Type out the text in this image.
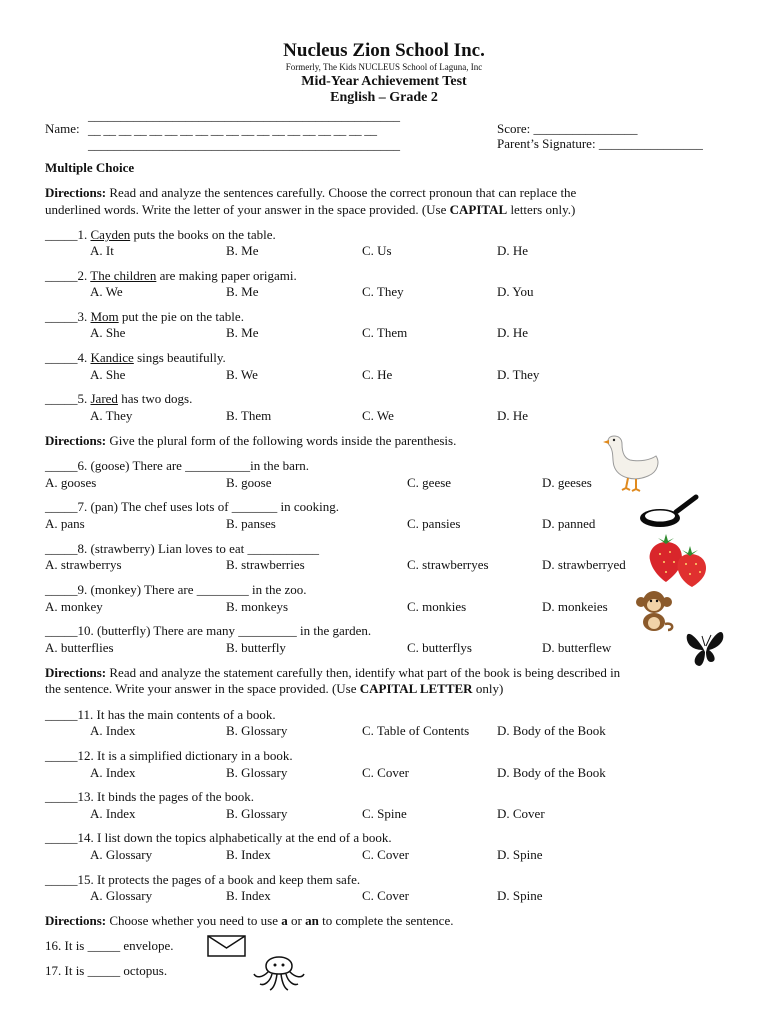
Nucleus Zion School Inc.
Formerly, The Kids NUCLEUS School of Laguna, Inc
Mid-Year Achievement Test
English – Grade 2
________________________________________________
Name: __ __ __ __ __ __ __ __ __ __ __ __ __ __ __ __ __ __ __
________________________________________________
Score: ________________
Parent’s Signature: ________________
Multiple Choice
Directions: Read and analyze the sentences carefully. Choose the correct pronoun that can replace the
underlined words. Write the letter of your answer in the space provided. (Use CAPITAL letters only.)
_____1. Cayden puts the books on the table.
A. It	B. Me	C. Us	D. He
_____2. The children are making paper origami.
A. We	B. Me	C. They	D. You
_____3. Mom put the pie on the table.
A. She	B. Me	C. Them	D. He
_____4. Kandice sings beautifully.
A. She	B. We	C. He	D. They
_____5. Jared has two dogs.
A. They	B. Them	C. We	D. He
Directions: Give the plural form of the following words inside the parenthesis.
_____6. (goose) There are __________in the barn.
A. gooses	B. goose	C. geese	D. geeses
_____7. (pan) The chef uses lots of _______ in cooking.
A. pans	B. panses	C. pansies	D. panned
_____8. (strawberry) Lian loves to eat ___________
A. strawberrys	B. strawberries	C. strawberryes	D. strawberryed
_____9. (monkey) There are ________ in the zoo.
A. monkey	B. monkeys	C. monkies	D. monkeies
_____10. (butterfly) There are many _________ in the garden.
A. butterflies	B. butterfly	C. butterflys	D. butterflew
Directions: Read and analyze the statement carefully then, identify what part of the book is being described in
the sentence. Write your answer in the space provided. (Use CAPITAL LETTER only)
_____11. It has the main contents of a book.
A. Index	B. Glossary	C. Table of Contents D. Body of the Book
_____12. It is a simplified dictionary in a book.
A. Index	B. Glossary	C. Cover	D. Body of the Book
_____13. It binds the pages of the book.
A. Index	B. Glossary	C. Spine	D. Cover
_____14. I list down the topics alphabetically at the end of a book.
A. Glossary	B. Index	C. Cover	D. Spine
_____15. It protects the pages of a book and keep them safe.
A. Glossary	B. Index	C. Cover	D. Spine
Directions: Choose whether you need to use a or an to complete the sentence.
16. It is _____ envelope.
17. It is _____ octopus.
